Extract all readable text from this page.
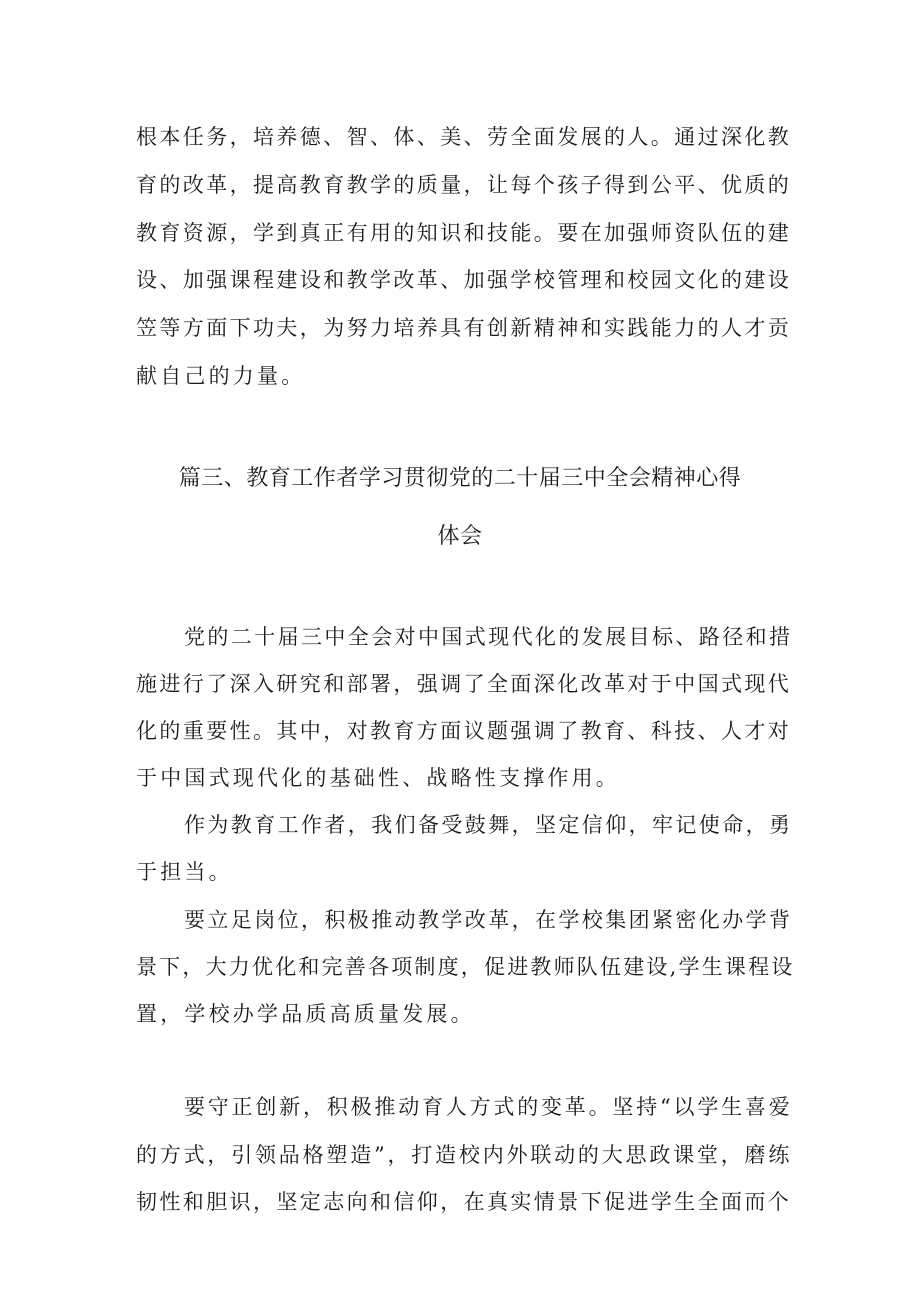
根本任务，培养德、智、体、美、劳全面发展的人。通过深化教
育的改革，提高教育教学的质量，让每个孩子得到公平、优质的
教育资源，学到真正有用的知识和技能。要在加强师资队伍的建
设、加强课程建设和教学改革、加强学校管理和校园文化的建设
笠等方面下功夫，为努力培养具有创新精神和实践能力的人才贡
献自己的力量。
篇三、教育工作者学习贯彻党的二十届三中全会精神心得
体会
党的二十届三中全会对中国式现代化的发展目标、路径和措
施进行了深入研究和部署，强调了全面深化改革对于中国式现代
化的重要性。其中，对教育方面议题强调了教育、科技、人才对
于中国式现代化的基础性、战略性支撑作用。
作为教育工作者，我们备受鼓舞，坚定信仰，牢记使命，勇
于担当。
要立足岗位，积极推动教学改革，在学校集团紧密化办学背
景下，大力优化和完善各项制度，促进教师队伍建设,学生课程设
置，学校办学品质高质量发展。
要守正创新，积极推动育人方式的变革。坚持“以学生喜爱
的方式，引领品格塑造”，打造校内外联动的大思政课堂，磨练
韧性和胆识，坚定志向和信仰，在真实情景下促进学生全面而个
